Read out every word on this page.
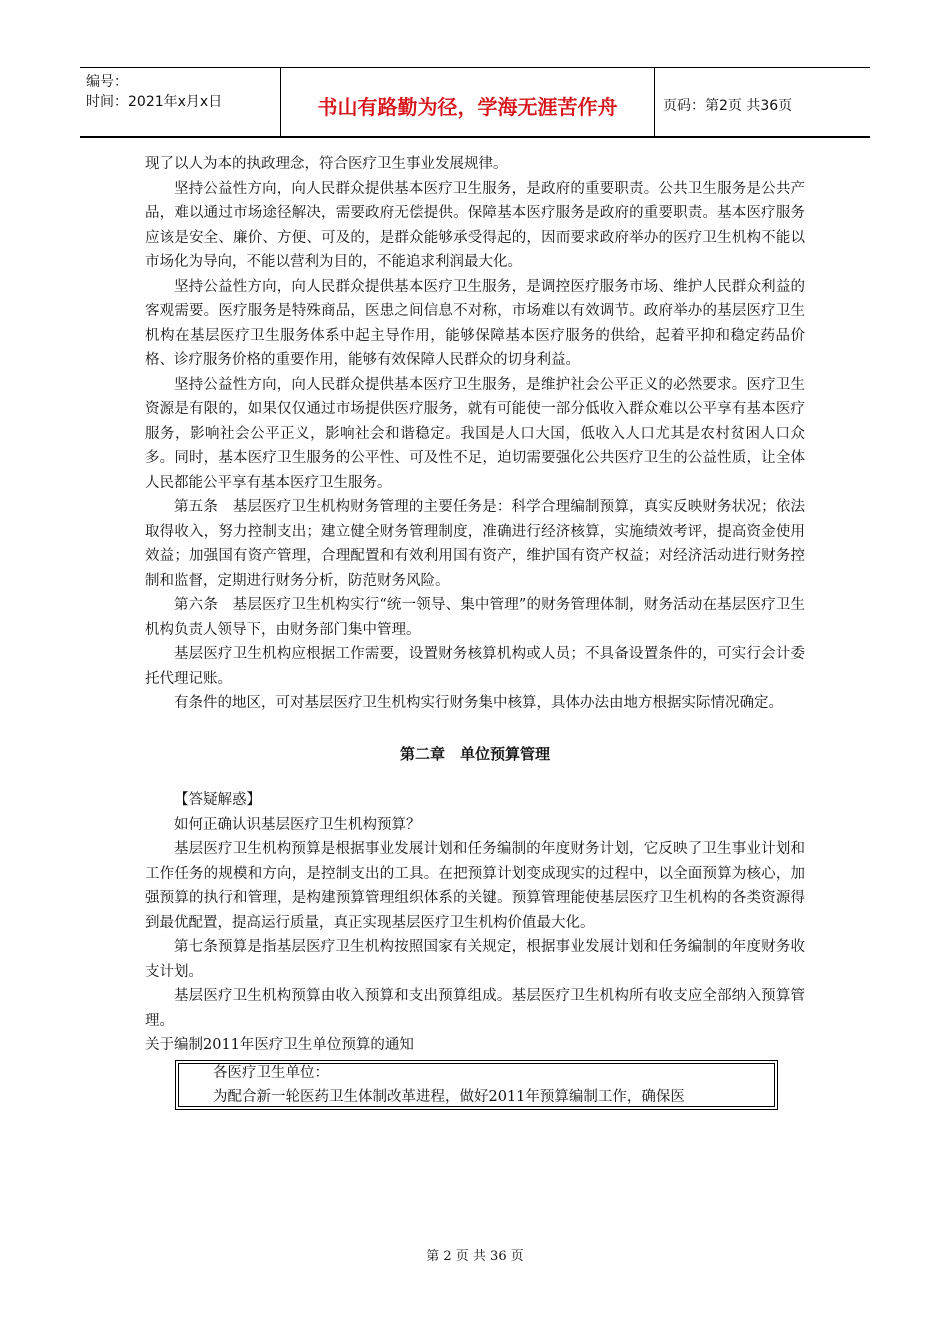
编号：
时间：2021年x月x日	书山有路勤为径，学海无涯苦作舟	页码：第2页 共36页

现了以人为本的执政理念，符合医疗卫生事业发展规律。

坚持公益性方向，向人民群众提供基本医疗卫生服务，是政府的重要职责。公共卫生服务是公共产品，难以通过市场途径解决，需要政府无偿提供。保障基本医疗服务是政府的重要职责。基本医疗服务应该是安全、廉价、方便、可及的，是群众能够承受得起的，因而要求政府举办的医疗卫生机构不能以市场化为导向，不能以营利为目的，不能追求利润最大化。

坚持公益性方向，向人民群众提供基本医疗卫生服务，是调控医疗服务市场、维护人民群众利益的客观需要。医疗服务是特殊商品，医患之间信息不对称，市场难以有效调节。政府举办的基层医疗卫生机构在基层医疗卫生服务体系中起主导作用，能够保障基本医疗服务的供给，起着平抑和稳定药品价格、诊疗服务价格的重要作用，能够有效保障人民群众的切身利益。

坚持公益性方向，向人民群众提供基本医疗卫生服务，是维护社会公平正义的必然要求。医疗卫生资源是有限的，如果仅仅通过市场提供医疗服务，就有可能使一部分低收入群众难以公平享有基本医疗服务，影响社会公平正义，影响社会和谐稳定。我国是人口大国，低收入人口尤其是农村贫困人口众多。同时，基本医疗卫生服务的公平性、可及性不足，迫切需要强化公共医疗卫生的公益性质，让全体人民都能公平享有基本医疗卫生服务。

第五条　基层医疗卫生机构财务管理的主要任务是：科学合理编制预算，真实反映财务状况；依法取得收入，努力控制支出；建立健全财务管理制度，准确进行经济核算，实施绩效考评，提高资金使用效益；加强国有资产管理，合理配置和有效利用国有资产，维护国有资产权益；对经济活动进行财务控制和监督，定期进行财务分析，防范财务风险。

第六条　基层医疗卫生机构实行“统一领导、集中管理”的财务管理体制，财务活动在基层医疗卫生机构负责人领导下，由财务部门集中管理。

基层医疗卫生机构应根据工作需要，设置财务核算机构或人员；不具备设置条件的，可实行会计委托代理记账。

有条件的地区，可对基层医疗卫生机构实行财务集中核算，具体办法由地方根据实际情况确定。

第二章　单位预算管理

【答疑解惑】

如何正确认识基层医疗卫生机构预算？

基层医疗卫生机构预算是根据事业发展计划和任务编制的年度财务计划，它反映了卫生事业计划和工作任务的规模和方向，是控制支出的工具。在把预算计划变成现实的过程中，以全面预算为核心，加强预算的执行和管理，是构建预算管理组织体系的关键。预算管理能使基层医疗卫生机构的各类资源得到最优配置，提高运行质量，真正实现基层医疗卫生机构价值最大化。

第七条预算是指基层医疗卫生机构按照国家有关规定，根据事业发展计划和任务编制的年度财务收支计划。

基层医疗卫生机构预算由收入预算和支出预算组成。基层医疗卫生机构所有收支应全部纳入预算管理。

关于编制2011年医疗卫生单位预算的通知

各医疗卫生单位：

为配合新一轮医药卫生体制改革进程，做好2011年预算编制工作，确保医

第 2 页 共 36 页
